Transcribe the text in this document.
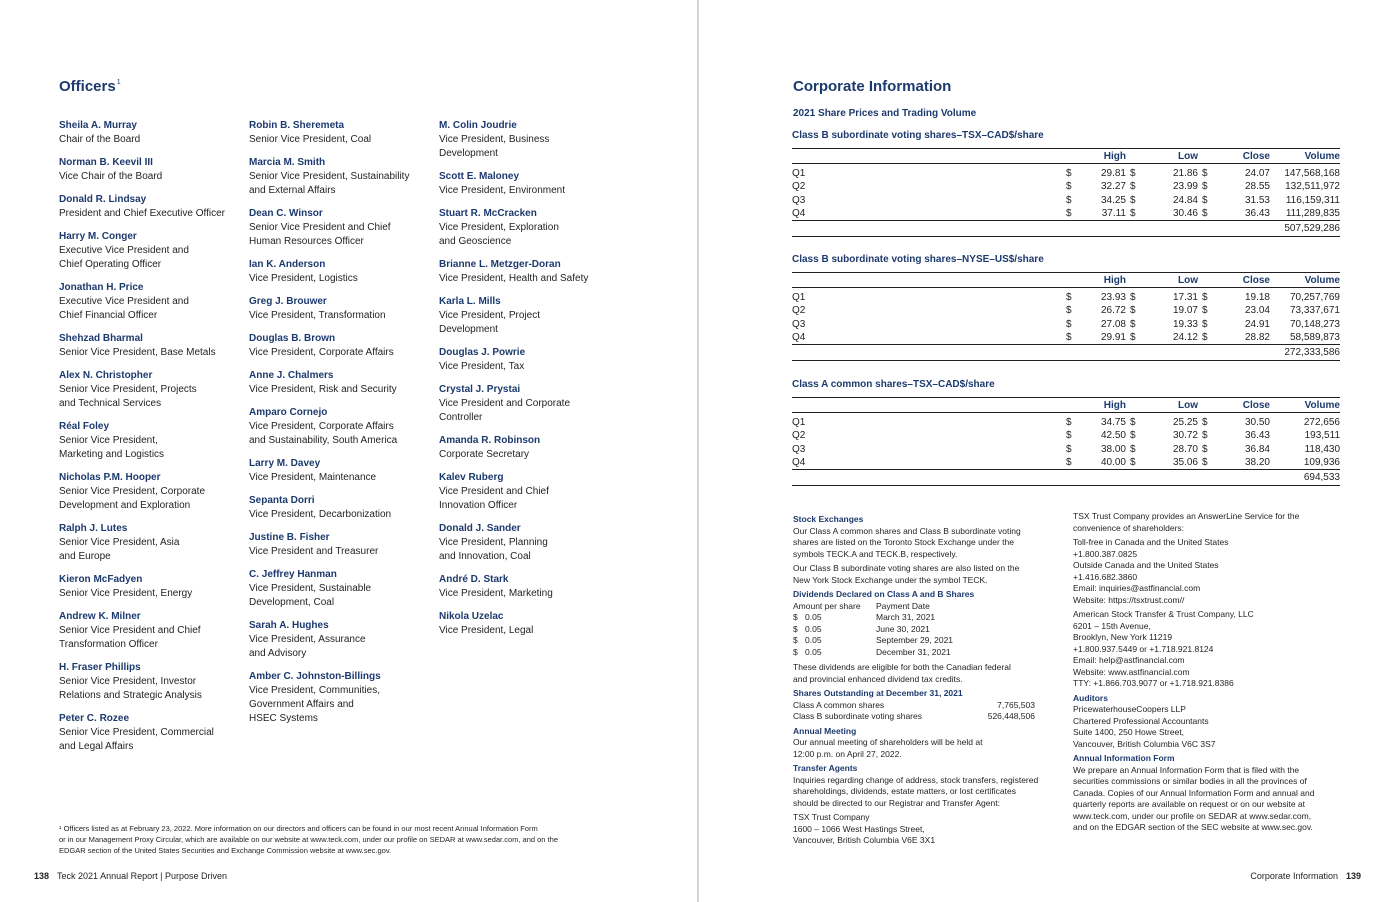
Officers$^1$
Sheila A. Murray
Chair of the Board
Norman B. Keevil III
Vice Chair of the Board
Donald R. Lindsay
President and Chief Executive Officer
Harry M. Conger
Executive Vice President and
Chief Operating Officer
Jonathan H. Price
Executive Vice President and
Chief Financial Officer
Shehzad Bharmal
Senior Vice President, Base Metals
Alex N. Christopher
Senior Vice President, Projects
and Technical Services
Réal Foley
Senior Vice President,
Marketing and Logistics
Nicholas P.M. Hooper
Senior Vice President, Corporate
Development and Exploration
Ralph J. Lutes
Senior Vice President, Asia
and Europe
Kieron McFadyen
Senior Vice President, Energy
Andrew K. Milner
Senior Vice President and Chief
Transformation Officer
H. Fraser Phillips
Senior Vice President, Investor
Relations and Strategic Analysis
Peter C. Rozee
Senior Vice President, Commercial
and Legal Affairs
Robin B. Sheremeta
Senior Vice President, Coal
Marcia M. Smith
Senior Vice President, Sustainability
and External Affairs
Dean C. Winsor
Senior Vice President and Chief
Human Resources Officer
Ian K. Anderson
Vice President, Logistics
Greg J. Brouwer
Vice President, Transformation
Douglas B. Brown
Vice President, Corporate Affairs
Anne J. Chalmers
Vice President, Risk and Security
Amparo Cornejo
Vice President, Corporate Affairs
and Sustainability, South America
Larry M. Davey
Vice President, Maintenance
Sepanta Dorri
Vice President, Decarbonization
Justine B. Fisher
Vice President and Treasurer
C. Jeffrey Hanman
Vice President, Sustainable
Development, Coal
Sarah A. Hughes
Vice President, Assurance
and Advisory
Amber C. Johnston-Billings
Vice President, Communities,
Government Affairs and
HSEC Systems
M. Colin Joudrie
Vice President, Business
Development
Scott E. Maloney
Vice President, Environment
Stuart R. McCracken
Vice President, Exploration
and Geoscience
Brianne L. Metzger-Doran
Vice President, Health and Safety
Karla L. Mills
Vice President, Project
Development
Douglas J. Powrie
Vice President, Tax
Crystal J. Prystai
Vice President and Corporate
Controller
Amanda R. Robinson
Corporate Secretary
Kalev Ruberg
Vice President and Chief
Innovation Officer
Donald J. Sander
Vice President, Planning
and Innovation, Coal
André D. Stark
Vice President, Marketing
Nikola Uzelac
Vice President, Legal
¹ Officers listed as at February 23, 2022. More information on our directors and officers can be found in our most recent Annual Information Form
or in our Management Proxy Circular, which are available on our website at www.teck.com, under our profile on SEDAR at www.sedar.com, and on the
EDGAR section of the United States Securities and Exchange Commission website at www.sec.gov.
138 Teck 2021 Annual Report | Purpose Driven
Corporate Information
2021 Share Prices and Trading Volume
Class B subordinate voting shares–TSX–CAD$/share
		High	Low		Close		Volume
Q1	$	29.81	$	21.86	$	24.07	147,568,168
Q2	$	32.27	$	23.99	$	28.55	132,511,972
Q3	$	34.25	$	24.84	$	31.53	116,159,311
Q4	$	37.11	$	30.46	$	36.43	111,289,835
							507,529,286
Class B subordinate voting shares–NYSE–US$/share
		High	Low		Close		Volume
Q1	$	23.93	$	17.31	$	19.18	70,257,769
Q2	$	26.72	$	19.07	$	23.04	73,337,671
Q3	$	27.08	$	19.33	$	24.91	70,148,273
Q4	$	29.91	$	24.12	$	28.82	58,589,873
							272,333,586
Class A common shares–TSX–CAD$/share
		High	Low		Close		Volume
Q1	$	34.75	$	25.25	$	30.50	272,656
Q2	$	42.50	$	30.72	$	36.43	193,511
Q3	$	38.00	$	28.70	$	36.84	118,430
Q4	$	40.00	$	35.06	$	38.20	109,936
							694,533
Stock Exchanges
Our Class A common shares and Class B subordinate voting
shares are listed on the Toronto Stock Exchange under the
symbols TECK.A and TECK.B, respectively.
Our Class B subordinate voting shares are also listed on the
New York Stock Exchange under the symbol TECK.
Dividends Declared on Class A and B Shares
Amount per share	Payment Date
$ 0.05	March 31, 2021
$ 0.05	June 30, 2021
$ 0.05	September 29, 2021
$ 0.05	December 31, 2021
These dividends are eligible for both the Canadian federal
and provincial enhanced dividend tax credits.
Shares Outstanding at December 31, 2021
Class A common shares	7,765,503
Class B subordinate voting shares	526,448,506
Annual Meeting
Our annual meeting of shareholders will be held at
12:00 p.m. on April 27, 2022.
Transfer Agents
Inquiries regarding change of address, stock transfers, registered
shareholdings, dividends, estate matters, or lost certificates
should be directed to our Registrar and Transfer Agent:
TSX Trust Company
1600 – 1066 West Hastings Street,
Vancouver, British Columbia V6E 3X1
TSX Trust Company provides an AnswerLine Service for the
convenience of shareholders:
Toll-free in Canada and the United States
+1.800.387.0825
Outside Canada and the United States
+1.416.682.3860
Email: inquiries@astfinancial.com
Website: https://tsxtrust.com//
American Stock Transfer & Trust Company, LLC
6201 – 15th Avenue,
Brooklyn, New York 11219
+1.800.937.5449 or +1.718.921.8124
Email: help@astfinancial.com
Website: www.astfinancial.com
TTY: +1.866.703.9077 or +1.718.921.8386
Auditors
PricewaterhouseCoopers LLP
Chartered Professional Accountants
Suite 1400, 250 Howe Street,
Vancouver, British Columbia V6C 3S7
Annual Information Form
We prepare an Annual Information Form that is filed with the
securities commissions or similar bodies in all the provinces of
Canada. Copies of our Annual Information Form and annual and
quarterly reports are available on request or on our website at
www.teck.com, under our profile on SEDAR at www.sedar.com,
and on the EDGAR section of the SEC website at www.sec.gov.
Corporate Information 139
